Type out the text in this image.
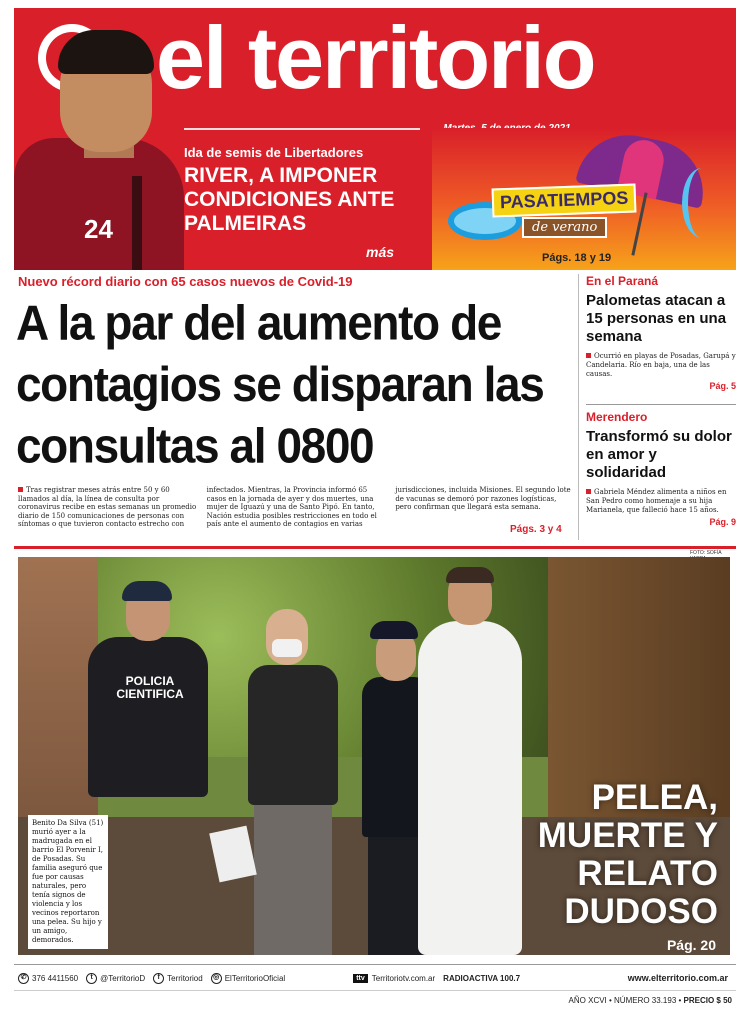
24
el territorio
Ida de semis de Libertadores
RIVER, A IMPONER CONDICIONES ANTE PALMEIRAS
más
PASATIEMPOS
de verano
Págs. 18 y 19
Nuevo récord diario con 65 casos nuevos de Covid-19
A la par del aumento de contagios se disparan las consultas al 0800
Tras registrar meses atrás entre 50 y 60 llamados al día, la línea de consulta por coronavirus recibe en estas semanas un promedio diario de 150 comunicaciones de personas con síntomas o que tuvieron contacto estrecho con infectados. Mientras, la Provincia informó 65 casos en la jornada de ayer y dos muertes, una mujer de Iguazú y una de Santo Pipó. En tanto, Nación estudia posibles restricciones en todo el país ante el aumento de contagios en varias jurisdicciones, incluida Misiones. El segundo lote de vacunas se demoró por razones logísticas, pero confirman que llegará esta semana.
Págs. 3 y 4
En el Paraná
Palometas atacan a 15 personas en una semana
Ocurrió en playas de Posadas, Garupá y Candelaria. Río en baja, una de las causas.
Pág. 5
Merendero
Transformó su dolor en amor y solidaridad
Gabriela Méndez alimenta a niños en San Pedro como homenaje a su hija Marianela, que falleció hace 15 años.
Pág. 9
FOTO: SOFÍA
POLICIA CIENTIFICA
Benito Da Silva (51) murió ayer a la madrugada en el barrio El Porvenir I, de Posadas. Su familia aseguró que fue por causas naturales, pero tenía signos de violencia y los vecinos reportaron una pelea. Su hijo y un amigo, demorados.
PELEA,
MUERTE Y
RELATO
DUDOSO
Pág. 20
✆ 376 4411560	t @TerritorioD	f Territoriod	◎ ElTerritorioOficial	ttv Territoriotv.com.ar RADIOACTIVA 100.7	www.elterritorio.com.ar
AÑO XCVI • NÚMERO 33.193 • PRECIO $ 50
